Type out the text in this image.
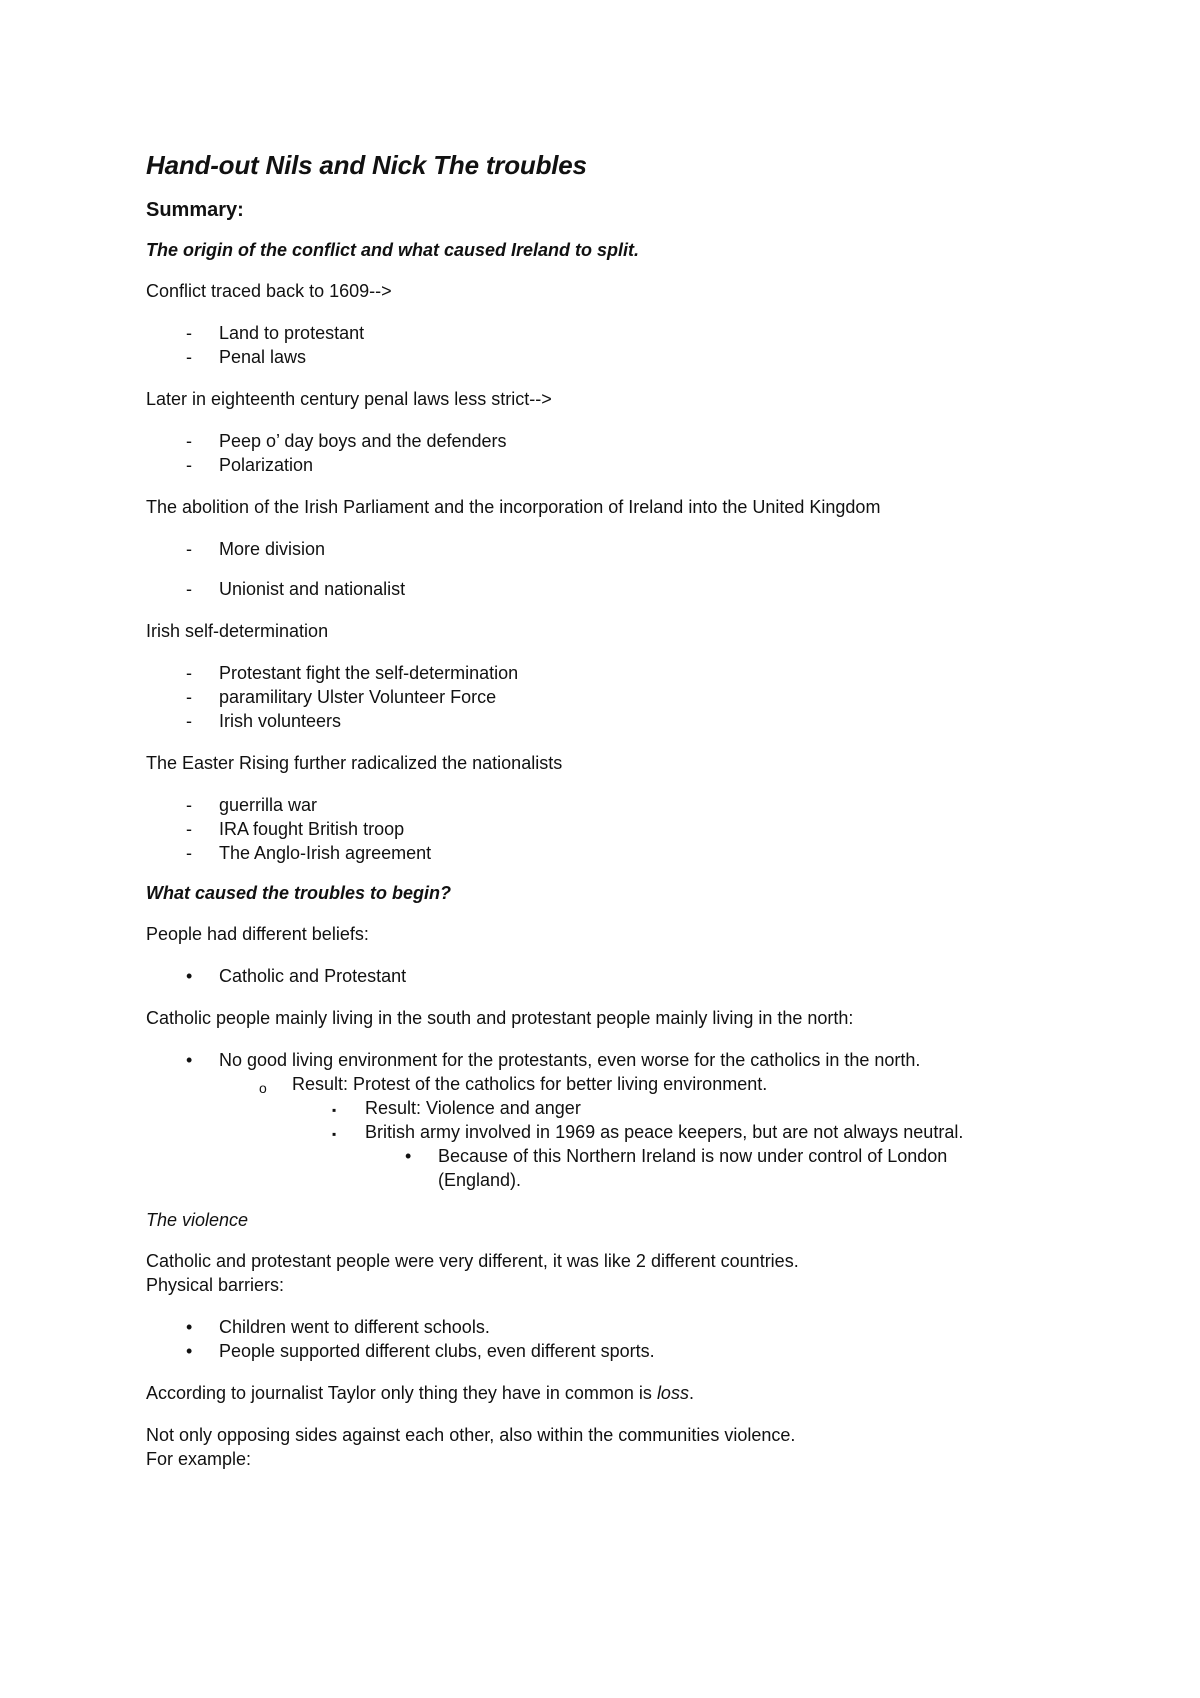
Hand-out Nils and Nick The troubles
Summary:
The origin of the conflict and what caused Ireland to split.

Conflict traced back to 1609-->

- Land to protestant
- Penal laws

Later in eighteenth century penal laws less strict-->

- Peep o’ day boys and the defenders
- Polarization

The abolition of the Irish Parliament and the incorporation of Ireland into the United Kingdom

- More division
- Unionist and nationalist

Irish self-determination

- Protestant fight the self-determination
- paramilitary Ulster Volunteer Force
- Irish volunteers

The Easter Rising further radicalized the nationalists

- guerrilla war
- IRA fought British troop
- The Anglo-Irish agreement
What caused the troubles to begin?

People had different beliefs:

• Catholic and Protestant

Catholic people mainly living in the south and protestant people mainly living in the north:

• No good living environment for the protestants, even worse for the catholics in the north.
o Result: Protest of the catholics for better living environment.
▪ Result: Violence and anger
▪ British army involved in 1969 as peace keepers, but are not always neutral.
• Because of this Northern Ireland is now under control of London
(England).
The violence

Catholic and protestant people were very different, it was like 2 different countries.

Physical barriers:

• Children went to different schools.
• People supported different clubs, even different sports.

According to journalist Taylor only thing they have in common is loss.

Not only opposing sides against each other, also within the communities violence.

For example:
